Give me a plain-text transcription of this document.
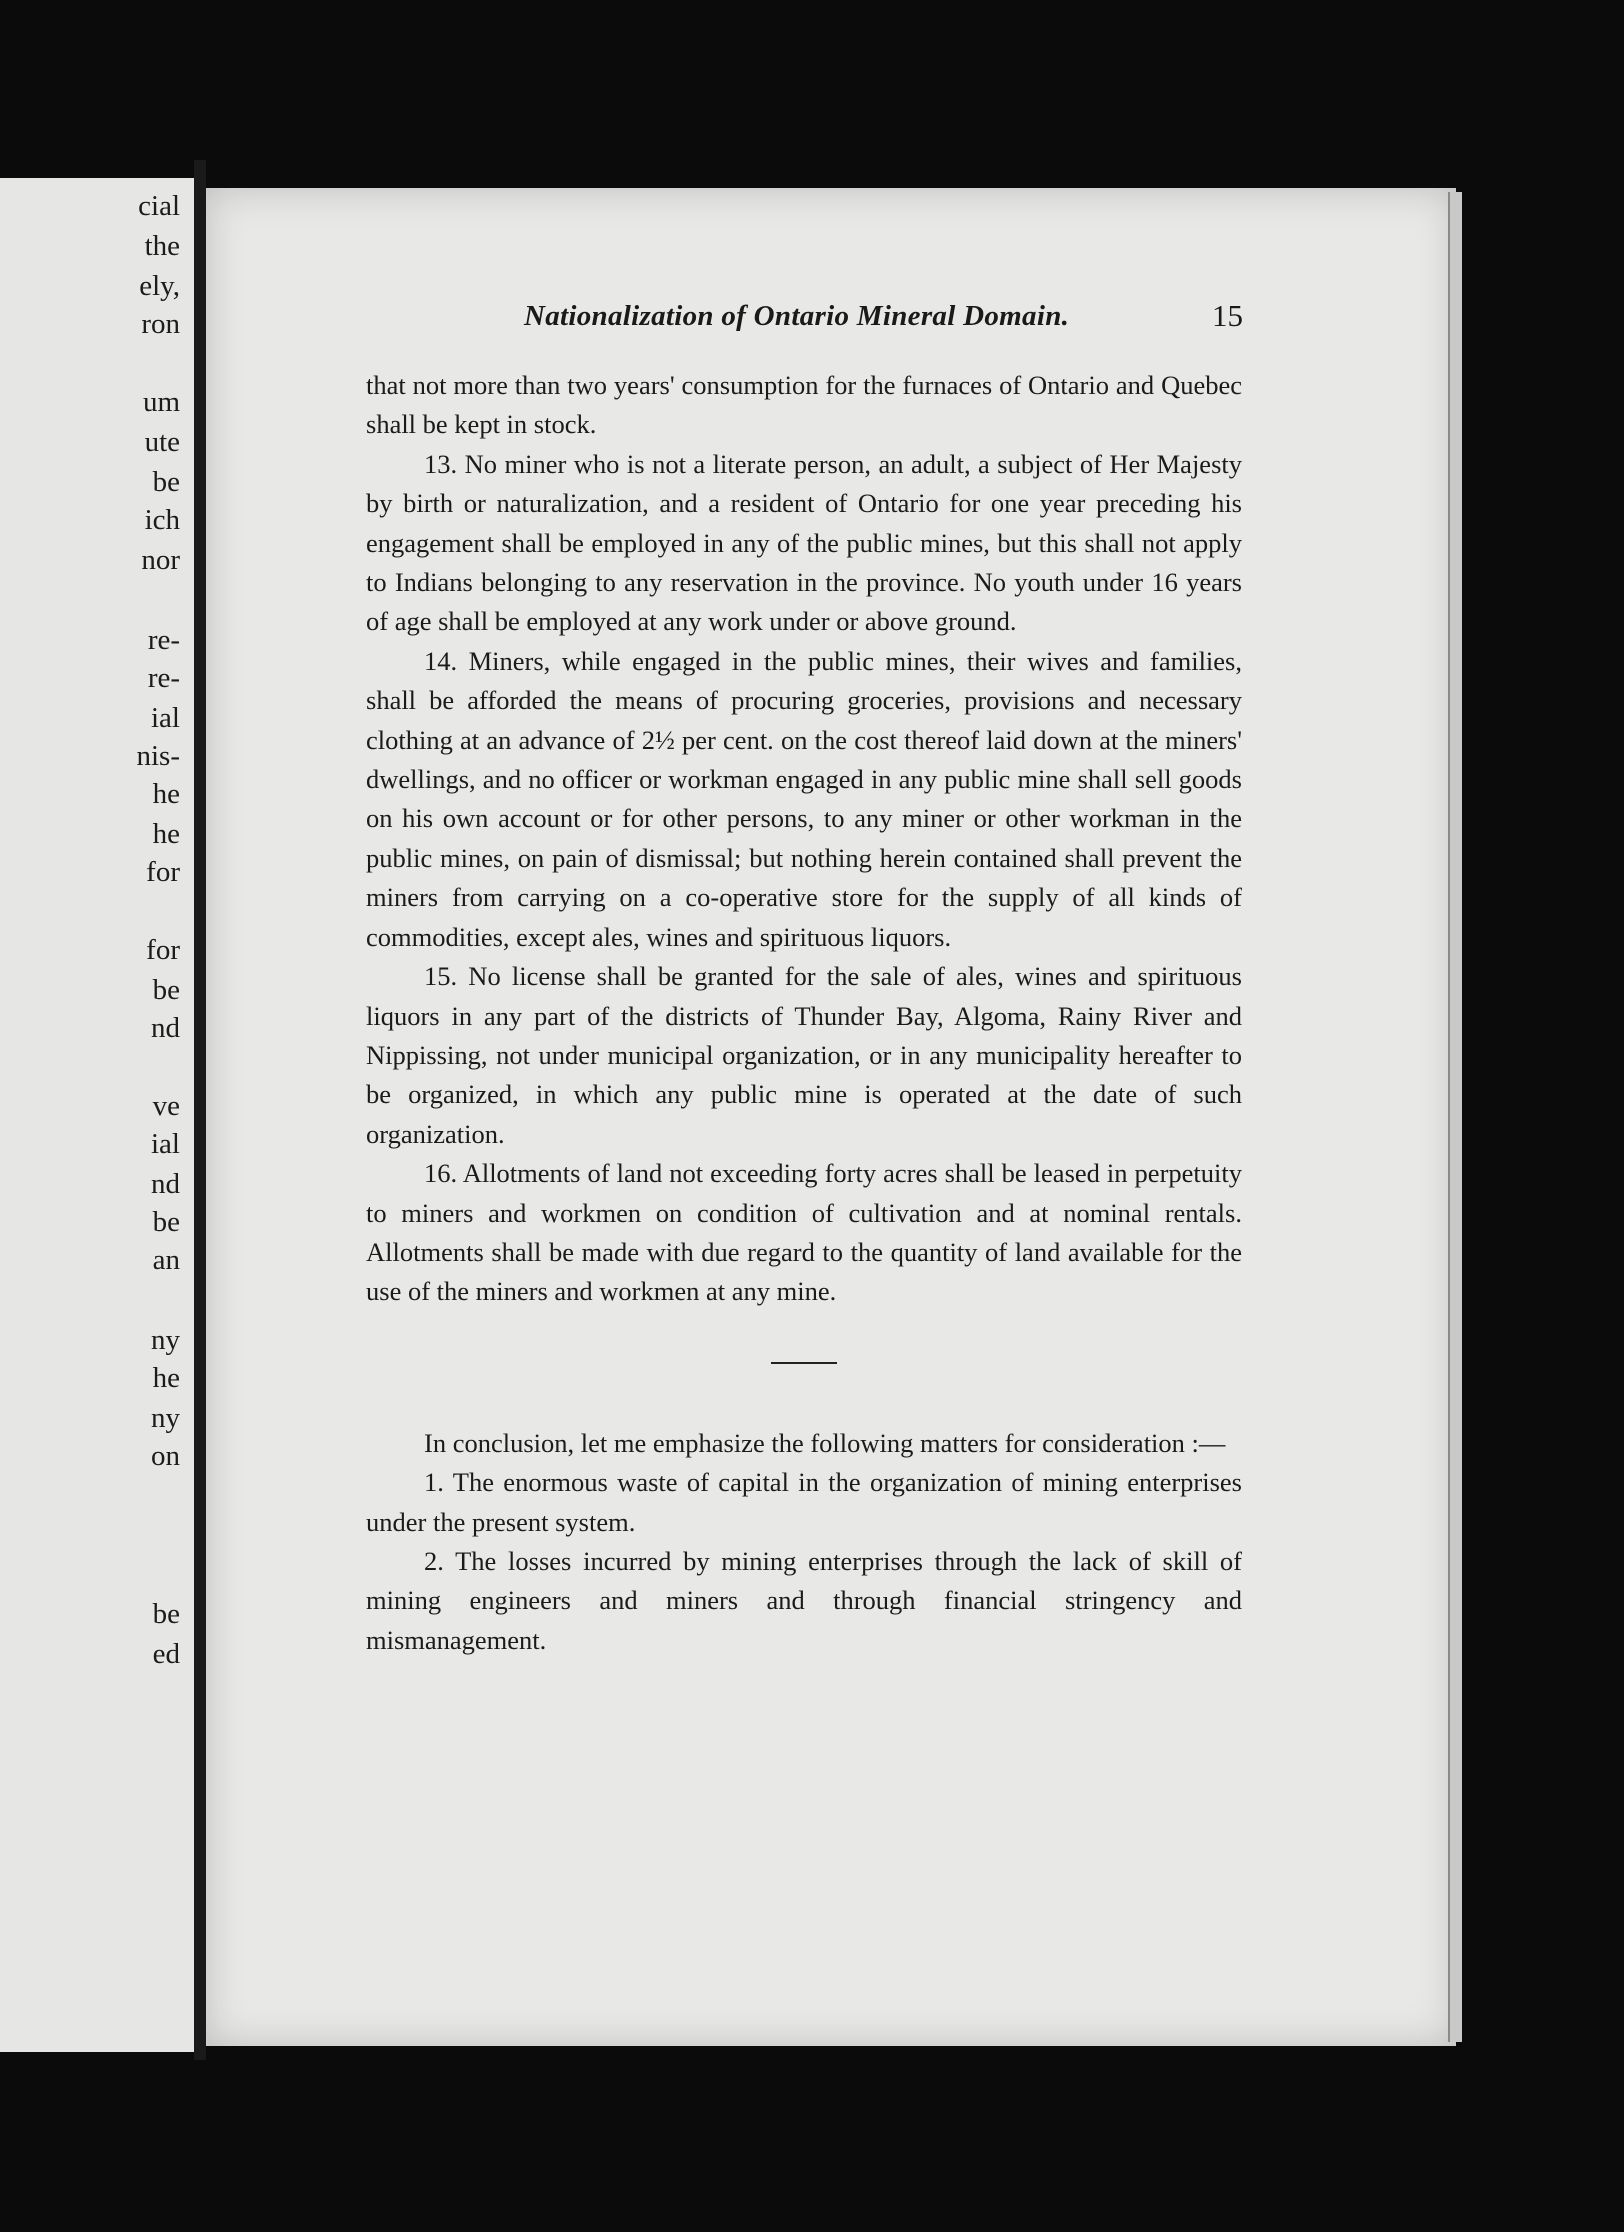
cial
the
ely,
ron
um
ute
be
ich
nor
re-
re-
ial
nis-
he
he
for
for
be
nd
ve
ial
nd
be
an
ny
he
ny
on
be
ed
Nationalization of Ontario Mineral Domain.	15

that not more than two years' consumption for the furnaces of Ontario and Quebec shall be kept in stock.

13. No miner who is not a literate person, an adult, a subject of Her Majesty by birth or naturalization, and a resident of Ontario for one year preceding his engagement shall be employed in any of the public mines, but this shall not apply to Indians belonging to any reservation in the province. No youth under 16 years of age shall be employed at any work under or above ground.

14. Miners, while engaged in the public mines, their wives and families, shall be afforded the means of procuring groceries, provisions and necessary clothing at an advance of 2½ per cent. on the cost thereof laid down at the miners' dwellings, and no officer or workman engaged in any public mine shall sell goods on his own account or for other persons, to any miner or other workman in the public mines, on pain of dismissal; but nothing herein contained shall prevent the miners from carrying on a co-operative store for the supply of all kinds of commodities, except ales, wines and spirituous liquors.

15. No license shall be granted for the sale of ales, wines and spirituous liquors in any part of the districts of Thunder Bay, Algoma, Rainy River and Nippissing, not under municipal organization, or in any municipality hereafter to be organized, in which any public mine is operated at the date of such organization.

16. Allotments of land not exceeding forty acres shall be leased in perpetuity to miners and workmen on condition of cultivation and at nominal rentals. Allotments shall be made with due regard to the quantity of land available for the use of the miners and workmen at any mine.

In conclusion, let me emphasize the following matters for consideration :—

1. The enormous waste of capital in the organization of mining enterprises under the present system.

2. The losses incurred by mining enterprises through the lack of skill of mining engineers and miners and through financial stringency and mismanagement.
